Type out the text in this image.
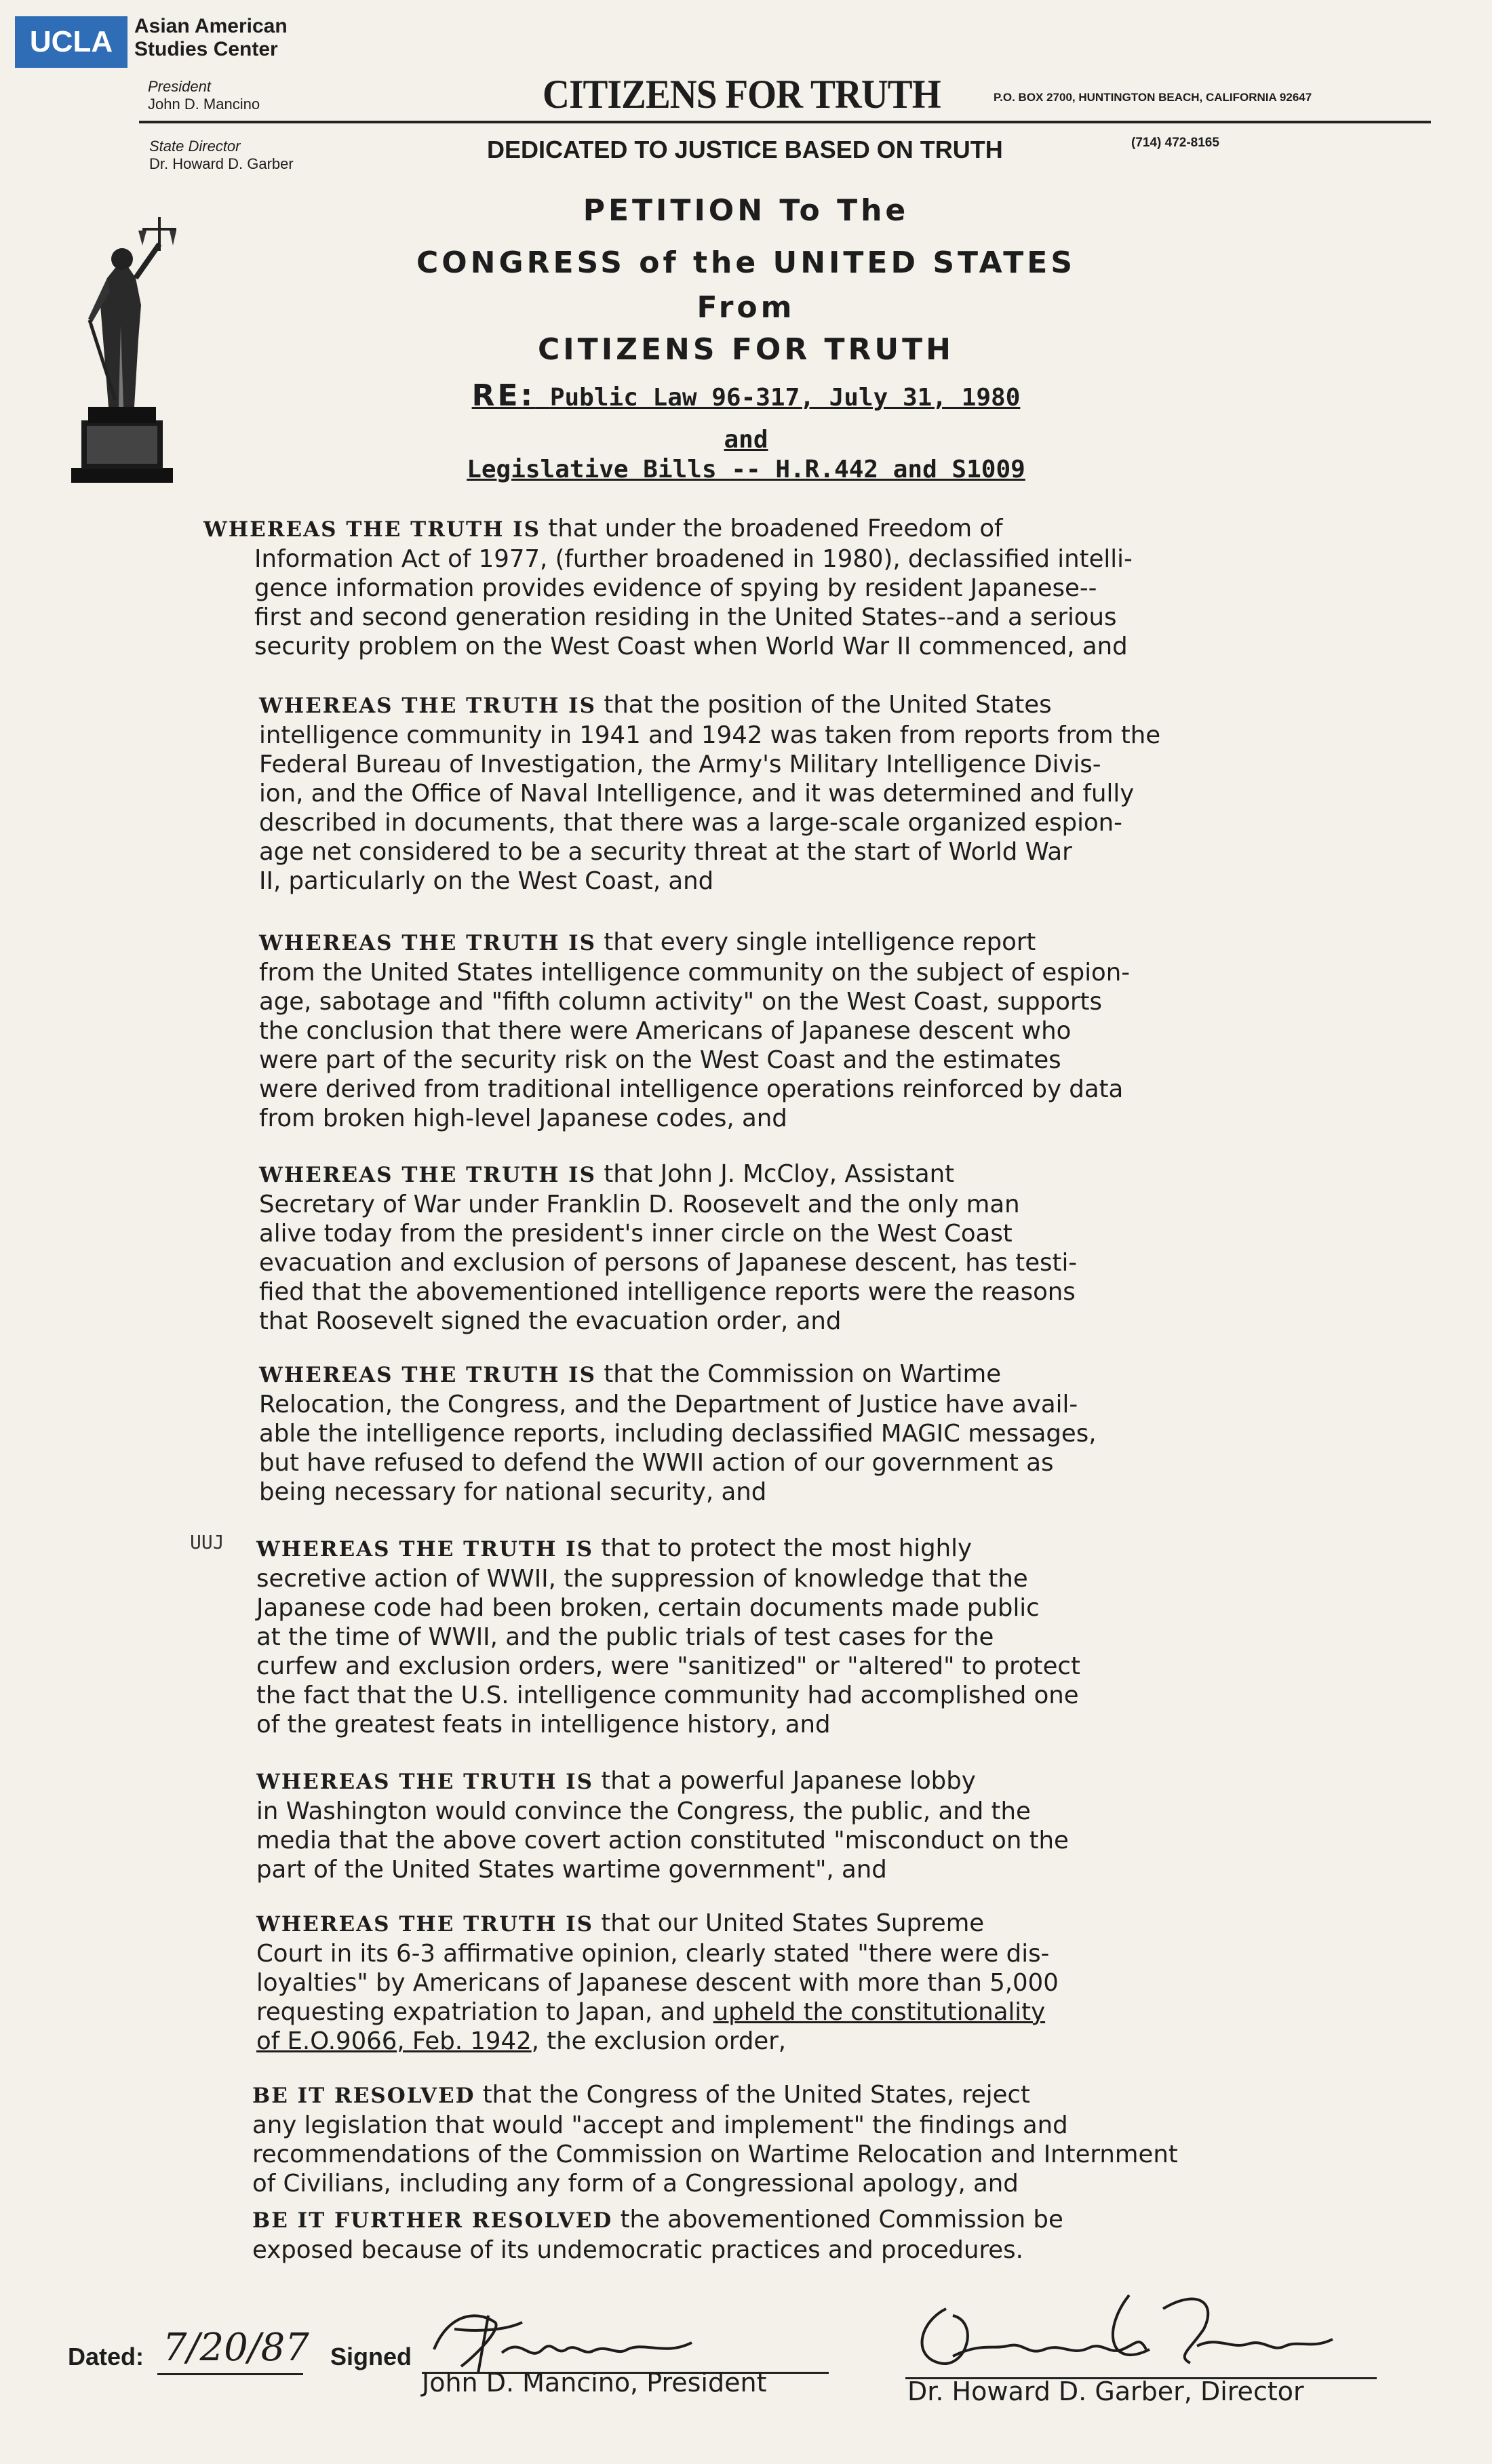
UCLA	Asian American
Studies Center
President
John D. Mancino	CITIZENS FOR TRUTH	P.O. BOX 2700, HUNTINGTON BEACH, CALIFORNIA 92647
State Director
Dr. Howard D. Garber
DEDICATED TO JUSTICE BASED ON TRUTH	(714) 472-8165
PETITION To The
CONGRESS of the UNITED STATES
From
CITIZENS FOR TRUTH
RE: Public Law 96-317, July 31, 1980
and
Legislative Bills -- H.R.442 and S1009
WHEREAS THE TRUTH IS that under the broadened Freedom of
Information Act of 1977, (further broadened in 1980), declassified intelli-
gence information provides evidence of spying by resident Japanese--
first and second generation residing in the United States--and a serious
security problem on the West Coast when World War II commenced, and
WHEREAS THE TRUTH IS that the position of the United States
intelligence community in 1941 and 1942 was taken from reports from the
Federal Bureau of Investigation, the Army's Military Intelligence Divis-
ion, and the Office of Naval Intelligence, and it was determined and fully
described in documents, that there was a large-scale organized espion-
age net considered to be a security threat at the start of World War
II, particularly on the West Coast, and
WHEREAS THE TRUTH IS that every single intelligence report
from the United States intelligence community on the subject of espion-
age, sabotage and "fifth column activity" on the West Coast, supports
the conclusion that there were Americans of Japanese descent who
were part of the security risk on the West Coast and the estimates
were derived from traditional intelligence operations reinforced by data
from broken high-level Japanese codes, and
WHEREAS THE TRUTH IS that John J. McCloy, Assistant
Secretary of War under Franklin D. Roosevelt and the only man
alive today from the president's inner circle on the West Coast
evacuation and exclusion of persons of Japanese descent, has testi-
fied that the abovementioned intelligence reports were the reasons
that Roosevelt signed the evacuation order, and
WHEREAS THE TRUTH IS that the Commission on Wartime
Relocation, the Congress, and the Department of Justice have avail-
able the intelligence reports, including declassified MAGIC messages,
but have refused to defend the WWII action of our government as
being necessary for national security, and
UUJ WHEREAS THE TRUTH IS that to protect the most highly
secretive action of WWII, the suppression of knowledge that the
Japanese code had been broken, certain documents made public
at the time of WWII, and the public trials of test cases for the
curfew and exclusion orders, were "sanitized" or "altered" to protect
the fact that the U.S. intelligence community had accomplished one
of the greatest feats in intelligence history, and
WHEREAS THE TRUTH IS that a powerful Japanese lobby
in Washington would convince the Congress, the public, and the
media that the above covert action constituted "misconduct on the
part of the United States wartime government", and
WHEREAS THE TRUTH IS that our United States Supreme
Court in its 6-3 affirmative opinion, clearly stated "there were dis-
loyalties" by Americans of Japanese descent with more than 5,000
requesting expatriation to Japan, and upheld the constitutionality
of E.O.9066, Feb. 1942, the exclusion order,
BE IT RESOLVED that the Congress of the United States, reject
any legislation that would "accept and implement" the findings and
recommendations of the Commission on Wartime Relocation and Internment
of Civilians, including any form of a Congressional apology, and
BE IT FURTHER RESOLVED the abovementioned Commission be
exposed because of its undemocratic practices and procedures.
Dated: 7/20/87 Signed
John D. Mancino, President	Dr. Howard D. Garber, Director
